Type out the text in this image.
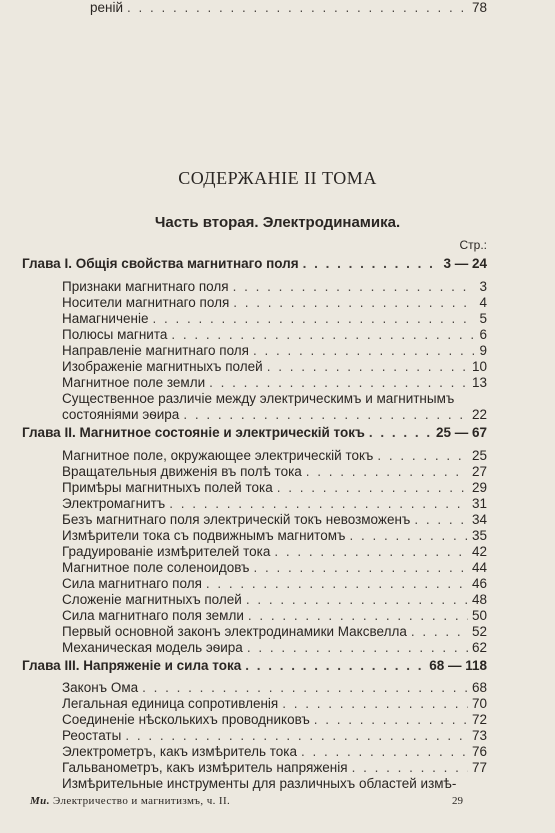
СОДЕРЖАНІЕ II ТОМА
Часть вторая. Электродинамика.
Стр.:
Глава I. Общія свойства магнитнаго поля . . .	3 — 24
Признаки магнитнаго поля . . .	3
Носители магнитнаго поля . . .	4
Намагниченіе . . .	5
Полюсы магнита . . .	6
Направленіе магнитнаго поля . . .	9
Изображеніе магнитныхъ полей . . .	10
Магнитное поле земли . . .	13
Существенное различіе между электрическимъ и магнитнымъ
состояніями эѳира . . .	22
Глава II. Магнитное состояніе и электрическій токъ . . .	25 — 67
Магнитное поле, окружающее электрическій токъ . . .	25
Вращательныя движенія въ полѣ тока . . .	27
Примѣры магнитныхъ полей тока . . .	29
Электромагнитъ . . .	31
Безъ магнитнаго поля электрическій токъ невозможенъ . . .	34
Измѣрители тока съ подвижнымъ магнитомъ . . .	35
Градуированіе измѣрителей тока . . .	42
Магнитное поле соленоидовъ . . .	44
Сила магнитнаго поля . . .	46
Сложеніе магнитныхъ полей . . .	48
Сила магнитнаго поля земли . . .	50
Первый основной законъ электродинамики Максвелла . . .	52
Механическая модель эѳира . . .	62
Глава III. Напряженіе и сила тока . . .	68 — 118
Законъ Ома . . .	68
Легальная единица сопротивленія . . .	70
Соединеніе нѣсколькихъ проводниковъ . . .	72
Реостаты . . .	73
Электрометръ, какъ измѣритель тока . . .	76
Гальванометръ, какъ измѣритель напряженія . . .	77
Измѣрительные инструменты для различныхъ областей измѣ-
реній . . .	78
Ми. Электричество и магнитизмъ, ч. II.	29
